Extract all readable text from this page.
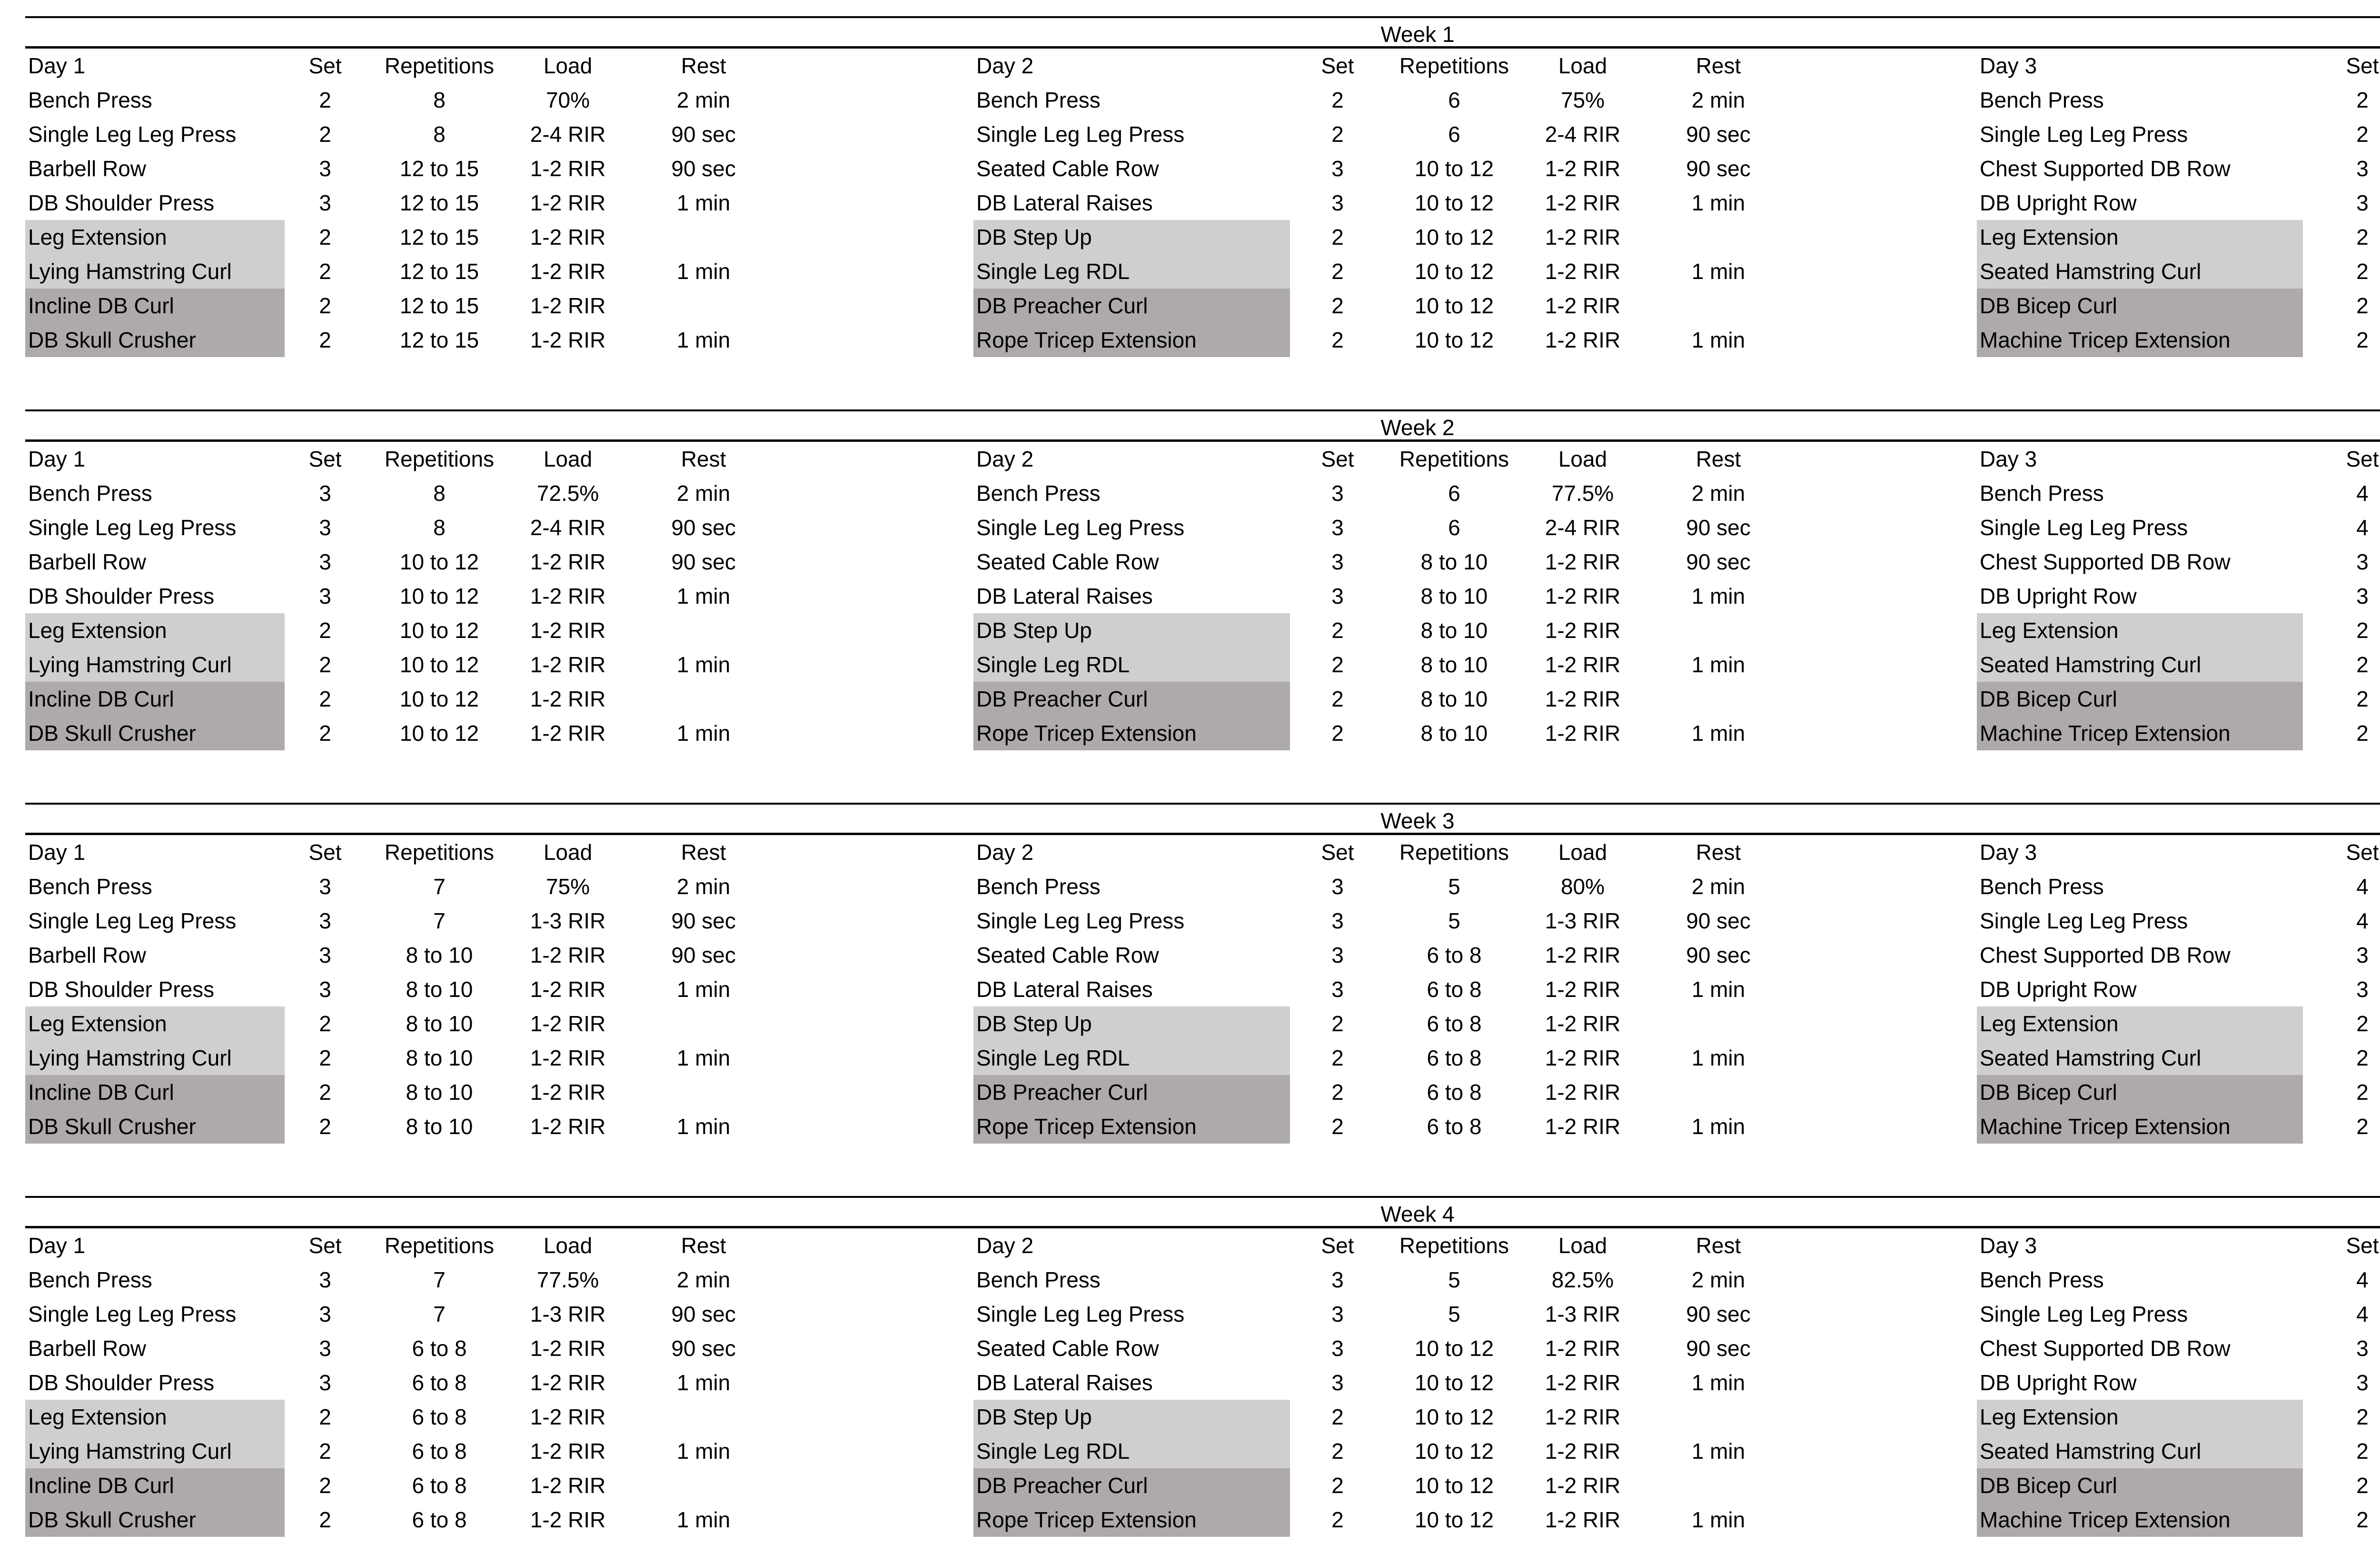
Week 1
Day 1	Set	Repetitions	Load	Rest
Bench Press	2	8	70%	2 min
Single Leg Leg Press	2	8	2-4 RIR	90 sec
Barbell Row	3	12 to 15	1-2 RIR	90 sec
DB Shoulder Press	3	12 to 15	1-2 RIR	1 min
Leg Extension	2	12 to 15	1-2 RIR
Lying Hamstring Curl	2	12 to 15	1-2 RIR	1 min
Incline DB Curl	2	12 to 15	1-2 RIR
DB Skull Crusher	2	12 to 15	1-2 RIR	1 min
Day 2	Set	Repetitions	Load	Rest
Bench Press	2	6	75%	2 min
Single Leg Leg Press	2	6	2-4 RIR	90 sec
Seated Cable Row	3	10 to 12	1-2 RIR	90 sec
DB Lateral Raises	3	10 to 12	1-2 RIR	1 min
DB Step Up	2	10 to 12	1-2 RIR
Single Leg RDL	2	10 to 12	1-2 RIR	1 min
DB Preacher Curl	2	10 to 12	1-2 RIR
Rope Tricep Extension	2	10 to 12	1-2 RIR	1 min
Day 3	Set
Bench Press	2
Single Leg Leg Press	2
Chest Supported DB Row	3
DB Upright Row	3
Leg Extension	2
Seated Hamstring Curl	2
DB Bicep Curl	2
Machine Tricep Extension	2
Week 2
Day 1	Set	Repetitions	Load	Rest
Bench Press	3	8	72.5%	2 min
Single Leg Leg Press	3	8	2-4 RIR	90 sec
Barbell Row	3	10 to 12	1-2 RIR	90 sec
DB Shoulder Press	3	10 to 12	1-2 RIR	1 min
Leg Extension	2	10 to 12	1-2 RIR
Lying Hamstring Curl	2	10 to 12	1-2 RIR	1 min
Incline DB Curl	2	10 to 12	1-2 RIR
DB Skull Crusher	2	10 to 12	1-2 RIR	1 min
Day 2	Set	Repetitions	Load	Rest
Bench Press	3	6	77.5%	2 min
Single Leg Leg Press	3	6	2-4 RIR	90 sec
Seated Cable Row	3	8 to 10	1-2 RIR	90 sec
DB Lateral Raises	3	8 to 10	1-2 RIR	1 min
DB Step Up	2	8 to 10	1-2 RIR
Single Leg RDL	2	8 to 10	1-2 RIR	1 min
DB Preacher Curl	2	8 to 10	1-2 RIR
Rope Tricep Extension	2	8 to 10	1-2 RIR	1 min
Day 3	Set
Bench Press	4
Single Leg Leg Press	4
Chest Supported DB Row	3
DB Upright Row	3
Leg Extension	2
Seated Hamstring Curl	2
DB Bicep Curl	2
Machine Tricep Extension	2
Week 3
Day 1	Set	Repetitions	Load	Rest
Bench Press	3	7	75%	2 min
Single Leg Leg Press	3	7	1-3 RIR	90 sec
Barbell Row	3	8 to 10	1-2 RIR	90 sec
DB Shoulder Press	3	8 to 10	1-2 RIR	1 min
Leg Extension	2	8 to 10	1-2 RIR
Lying Hamstring Curl	2	8 to 10	1-2 RIR	1 min
Incline DB Curl	2	8 to 10	1-2 RIR
DB Skull Crusher	2	8 to 10	1-2 RIR	1 min
Day 2	Set	Repetitions	Load	Rest
Bench Press	3	5	80%	2 min
Single Leg Leg Press	3	5	1-3 RIR	90 sec
Seated Cable Row	3	6 to 8	1-2 RIR	90 sec
DB Lateral Raises	3	6 to 8	1-2 RIR	1 min
DB Step Up	2	6 to 8	1-2 RIR
Single Leg RDL	2	6 to 8	1-2 RIR	1 min
DB Preacher Curl	2	6 to 8	1-2 RIR
Rope Tricep Extension	2	6 to 8	1-2 RIR	1 min
Day 3	Set
Bench Press	4
Single Leg Leg Press	4
Chest Supported DB Row	3
DB Upright Row	3
Leg Extension	2
Seated Hamstring Curl	2
DB Bicep Curl	2
Machine Tricep Extension	2
Week 4
Day 1	Set	Repetitions	Load	Rest
Bench Press	3	7	77.5%	2 min
Single Leg Leg Press	3	7	1-3 RIR	90 sec
Barbell Row	3	6 to 8	1-2 RIR	90 sec
DB Shoulder Press	3	6 to 8	1-2 RIR	1 min
Leg Extension	2	6 to 8	1-2 RIR
Lying Hamstring Curl	2	6 to 8	1-2 RIR	1 min
Incline DB Curl	2	6 to 8	1-2 RIR
DB Skull Crusher	2	6 to 8	1-2 RIR	1 min
Day 2	Set	Repetitions	Load	Rest
Bench Press	3	5	82.5%	2 min
Single Leg Leg Press	3	5	1-3 RIR	90 sec
Seated Cable Row	3	10 to 12	1-2 RIR	90 sec
DB Lateral Raises	3	10 to 12	1-2 RIR	1 min
DB Step Up	2	10 to 12	1-2 RIR
Single Leg RDL	2	10 to 12	1-2 RIR	1 min
DB Preacher Curl	2	10 to 12	1-2 RIR
Rope Tricep Extension	2	10 to 12	1-2 RIR	1 min
Day 3	Set
Bench Press	4
Single Leg Leg Press	4
Chest Supported DB Row	3
DB Upright Row	3
Leg Extension	2
Seated Hamstring Curl	2
DB Bicep Curl	2
Machine Tricep Extension	2
